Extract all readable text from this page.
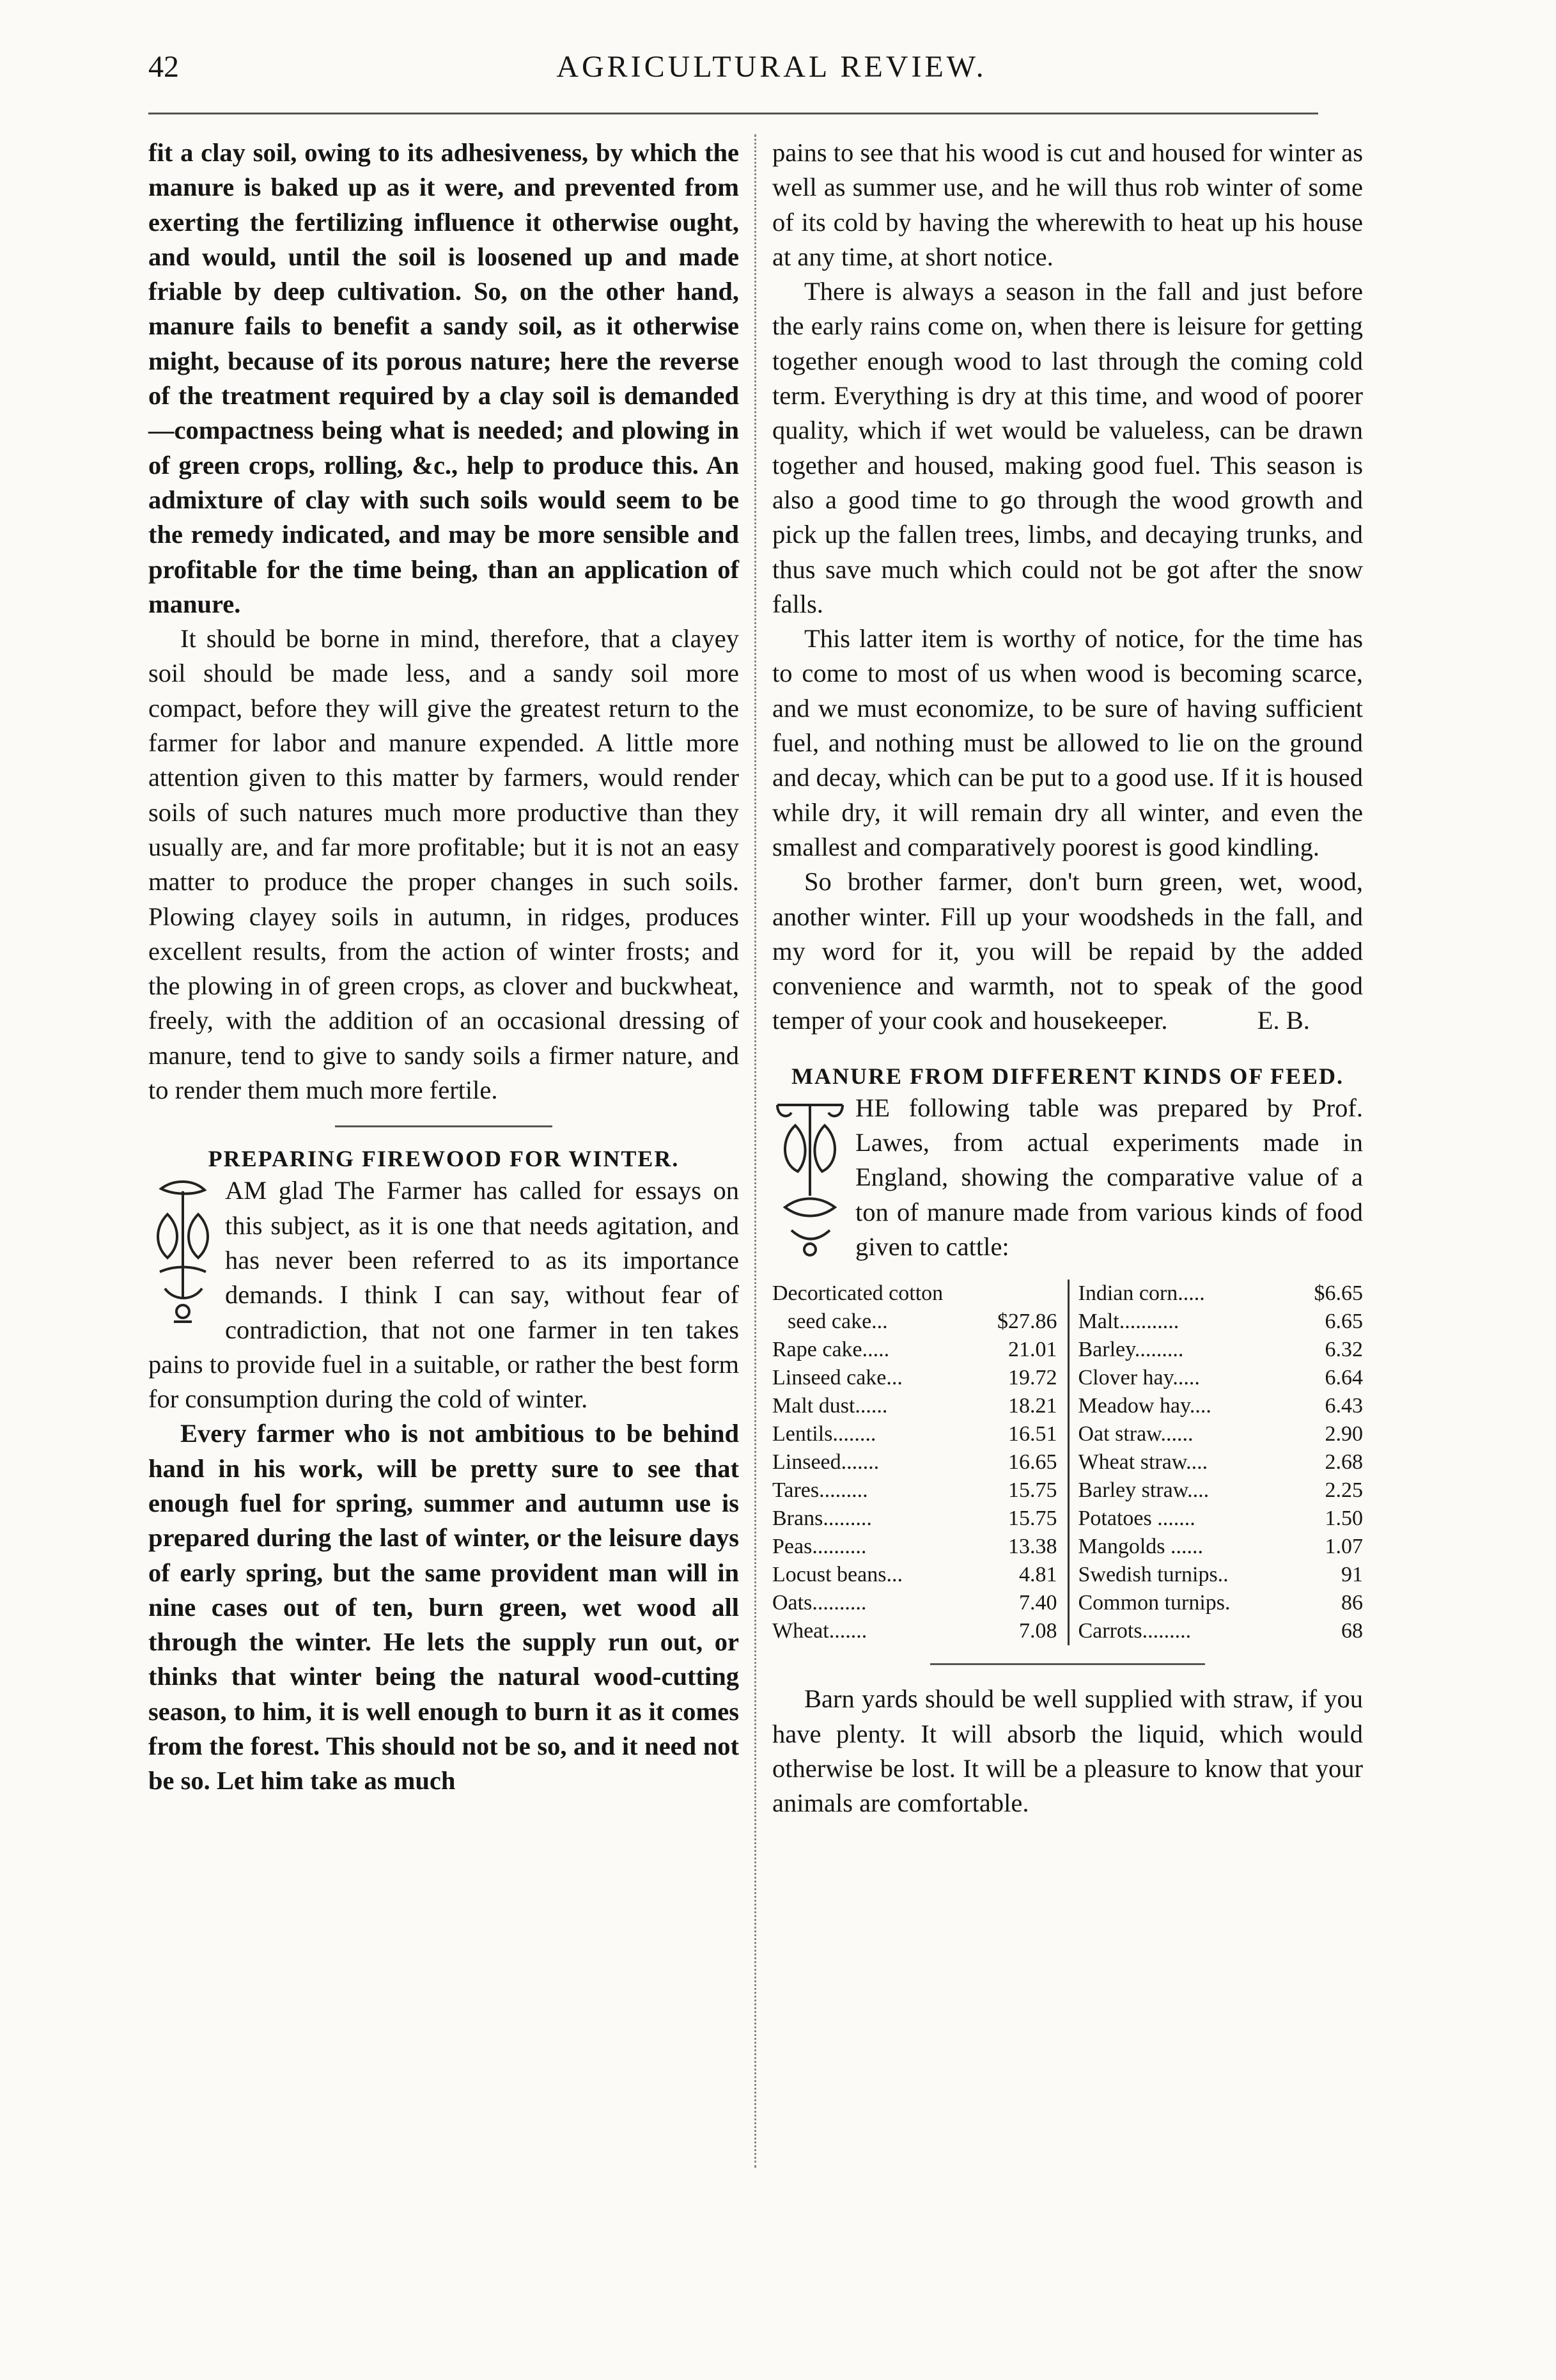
42	AGRICULTURAL REVIEW.

fit a clay soil, owing to its adhesiveness, by which the manure is baked up as it were, and prevented from exerting the fertilizing influence it otherwise ought, and would, until the soil is loosened up and made friable by deep cultivation. So, on the other hand, manure fails to benefit a sandy soil, as it otherwise might, because of its porous nature; here the reverse of the treatment required by a clay soil is demanded—compactness being what is needed; and plowing in of green crops, rolling, &c., help to produce this. An admixture of clay with such soils would seem to be the remedy indicated, and may be more sensible and profitable for the time being, than an application of manure.

It should be borne in mind, therefore, that a clayey soil should be made less, and a sandy soil more compact, before they will give the greatest return to the farmer for labor and manure expended. A little more attention given to this matter by farmers, would render soils of such natures much more productive than they usually are, and far more profitable; but it is not an easy matter to produce the proper changes in such soils. Plowing clayey soils in autumn, in ridges, produces excellent results, from the action of winter frosts; and the plowing in of green crops, as clover and buckwheat, freely, with the addition of an occasional dressing of manure, tend to give to sandy soils a firmer nature, and to render them much more fertile.

PREPARING FIREWOOD FOR WINTER.

AM glad The Farmer has called for essays on this subject, as it is one that needs agitation, and has never been referred to as its importance demands. I think I can say, without fear of contradiction, that not one farmer in ten takes pains to provide fuel in a suitable, or rather the best form for consumption during the cold of winter.

Every farmer who is not ambitious to be behind hand in his work, will be pretty sure to see that enough fuel for spring, summer and autumn use is prepared during the last of winter, or the leisure days of early spring, but the same provident man will in nine cases out of ten, burn green, wet wood all through the winter. He lets the supply run out, or thinks that winter being the natural wood-cutting season, to him, it is well enough to burn it as it comes from the forest. This should not be so, and it need not be so. Let him take as much

pains to see that his wood is cut and housed for winter as well as summer use, and he will thus rob winter of some of its cold by having the wherewith to heat up his house at any time, at short notice.

There is always a season in the fall and just before the early rains come on, when there is leisure for getting together enough wood to last through the coming cold term. Everything is dry at this time, and wood of poorer quality, which if wet would be valueless, can be drawn together and housed, making good fuel. This season is also a good time to go through the wood growth and pick up the fallen trees, limbs, and decaying trunks, and thus save much which could not be got after the snow falls.

This latter item is worthy of notice, for the time has to come to most of us when wood is becoming scarce, and we must economize, to be sure of having sufficient fuel, and nothing must be allowed to lie on the ground and decay, which can be put to a good use. If it is housed while dry, it will remain dry all winter, and even the smallest and comparatively poorest is good kindling.

So brother farmer, don't burn green, wet, wood, another winter. Fill up your woodsheds in the fall, and my word for it, you will be repaid by the added convenience and warmth, not to speak of the good temper of your cook and housekeeper.	E. B.

MANURE FROM DIFFERENT KINDS OF FEED.

HE following table was prepared by Prof. Lawes, from actual experiments made in England, showing the comparative value of a ton of manure made from various kinds of food given to cattle:

Decorticated cotton
seed cake...	$27.86
Rape cake.....	21.01
Linseed cake...	19.72
Malt dust......	18.21
Lentils........	16.51
Linseed.......	16.65
Tares.........	15.75
Brans.........	15.75
Peas..........	13.38
Locust beans...	4.81
Oats..........	7.40
Wheat.......	7.08
Indian corn.....	$6.65
Malt...........	6.65
Barley.........	6.32
Clover hay.....	6.64
Meadow hay....	6.43
Oat straw......	2.90
Wheat straw....	2.68
Barley straw....	2.25
Potatoes .......	1.50
Mangolds ......	1.07
Swedish turnips..	91
Common turnips.	86
Carrots.........	68

Barn yards should be well supplied with straw, if you have plenty. It will absorb the liquid, which would otherwise be lost. It will be a pleasure to know that your animals are comfortable.
